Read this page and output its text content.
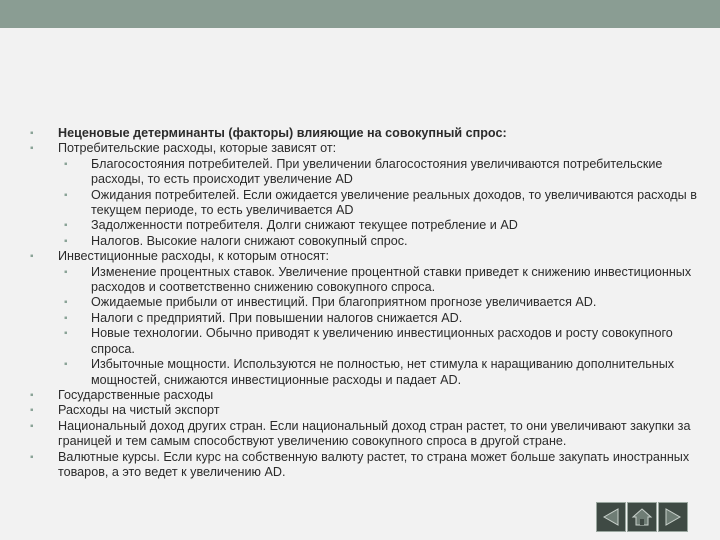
▪ Неценовые детерминанты (факторы) влияющие на совокупный спрос:
▪ Потребительские расходы, которые зависят от:
▪ Благосостояния потребителей. При увеличении благосостояния увеличиваются потребительские расходы, то есть происходит увеличение AD
▪ Ожидания потребителей. Если ожидается увеличение реальных доходов, то увеличиваются расходы в текущем периоде, то есть увеличивается AD
▪ Задолженности потребителя. Долги снижают текущее потребление и AD
▪ Налогов. Высокие налоги снижают совокупный спрос.
▪ Инвестиционные расходы, к которым относят:
▪ Изменение процентных ставок. Увеличение процентной ставки приведет к снижению инвестиционных расходов и соответственно снижению совокупного спроса.
▪ Ожидаемые прибыли от инвестиций. При благоприятном прогнозе увеличивается AD.
▪ Налоги с предприятий. При повышении налогов снижается AD.
▪ Новые технологии. Обычно приводят к увеличению инвестиционных расходов и росту совокупного спроса.
▪ Избыточные мощности. Используются не полностью, нет стимула к наращиванию дополнительных мощностей, снижаются инвестиционные расходы и падает AD.
▪ Государственные расходы
▪ Расходы на чистый экспорт
▪ Национальный доход других стран. Если национальный доход стран растет, то они увеличивают закупки за границей и тем самым способствуют увеличению совокупного спроса в другой стране.
▪ Валютные курсы. Если курс на собственную валюту растет, то страна может больше закупать иностранных товаров, а это ведет к увеличению AD.
